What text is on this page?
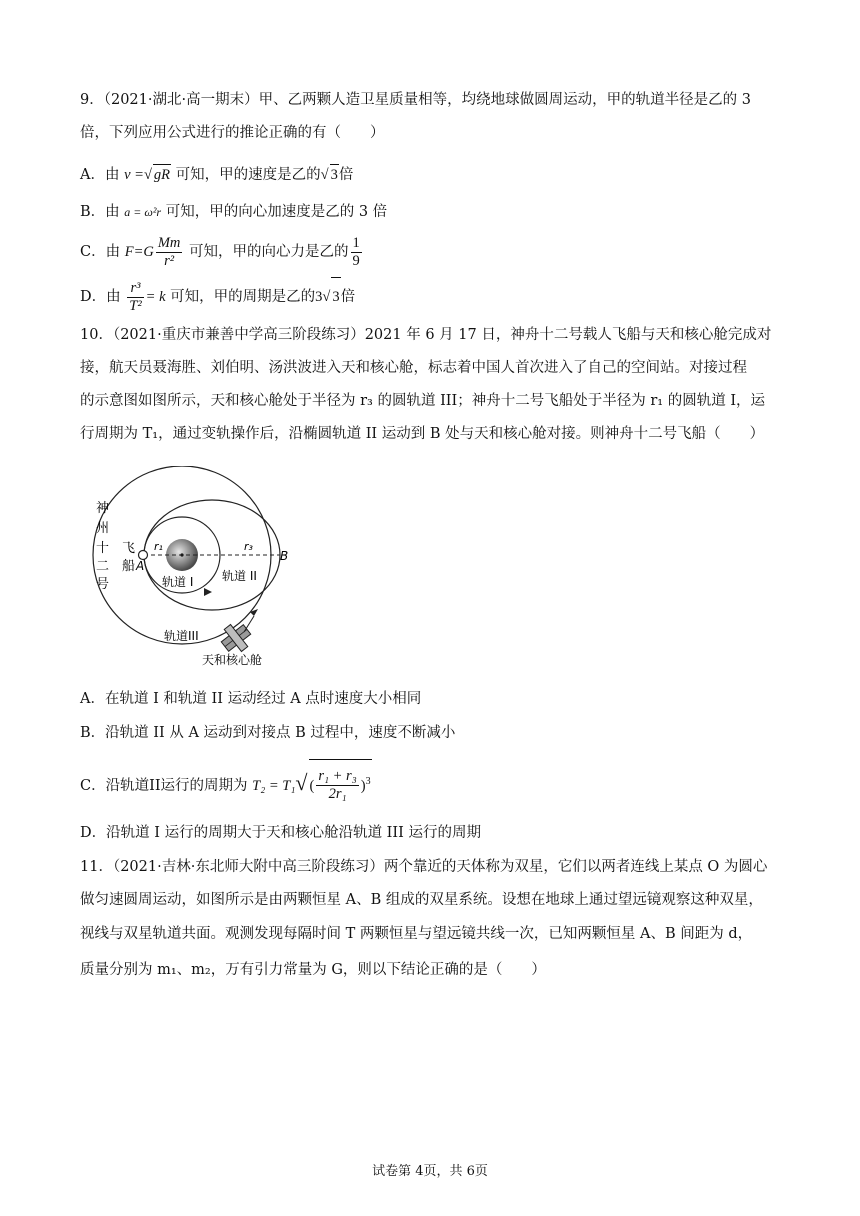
9．（2021·湖北·高一期末）甲、乙两颗人造卫星质量相等，均绕地球做圆周运动，甲的轨道半径是乙的 3
倍，下列应用公式进行的推论正确的有（　　）
A．由 v =√ gR 可知，甲的速度是乙的√ 3倍
B．由 a = ω²r 可知，甲的向心加速度是乙的 3 倍
C．由 $F=G \frac{Mm}{\text{r²}}$ 可知，甲的向心力是乙的 $\frac{1}{9}$
D．由 $\frac{\text{r³}}{\text{T²}} = k$ 可知，甲的周期是乙的3√ 3倍
10．（2021·重庆市兼善中学高三阶段练习）2021 年 6 月 17 日，神舟十二号载人飞船与天和核心舱完成对
接，航天员聂海胜、刘伯明、汤洪波进入天和核心舱，标志着中国人首次进入了自己的空间站。对接过程
的示意图如图所示，天和核心舱处于半径为 r₃ 的圆轨道 III；神舟十二号飞船处于半径为 r₁ 的圆轨道 I，运
行周期为 T₁，通过变轨操作后，沿椭圆轨道 II 运动到 B 处与天和核心舱对接。则神舟十二号飞船（　　）
神
州
十
二
号
飞
船 A
B
r₁	r₃
轨道 I 轨道 II
轨道III
天和核心舱
A．在轨道 I 和轨道 II 运动经过 A 点时速度大小相同
B．沿轨道 II 从 A 运动到对接点 B 过程中，速度不断减小
C．沿轨道II运行的周期为 T₂ = T₁√ ( $\frac{\text{r₁ + r₃}}{\text{2r₁}} )^3$
D．沿轨道 I 运行的周期大于天和核心舱沿轨道 III 运行的周期
11．（2021·吉林·东北师大附中高三阶段练习）两个靠近的天体称为双星，它们以两者连线上某点 O 为圆心
做匀速圆周运动，如图所示是由两颗恒星 A、B 组成的双星系统。设想在地球上通过望远镜观察这种双星，
视线与双星轨道共面。观测发现每隔时间 T 两颗恒星与望远镜共线一次，已知两颗恒星 A、B 间距为 d，
质量分别为 m₁、m₂，万有引力常量为 G，则以下结论正确的是（　　）
试卷第 4页，共 6页
